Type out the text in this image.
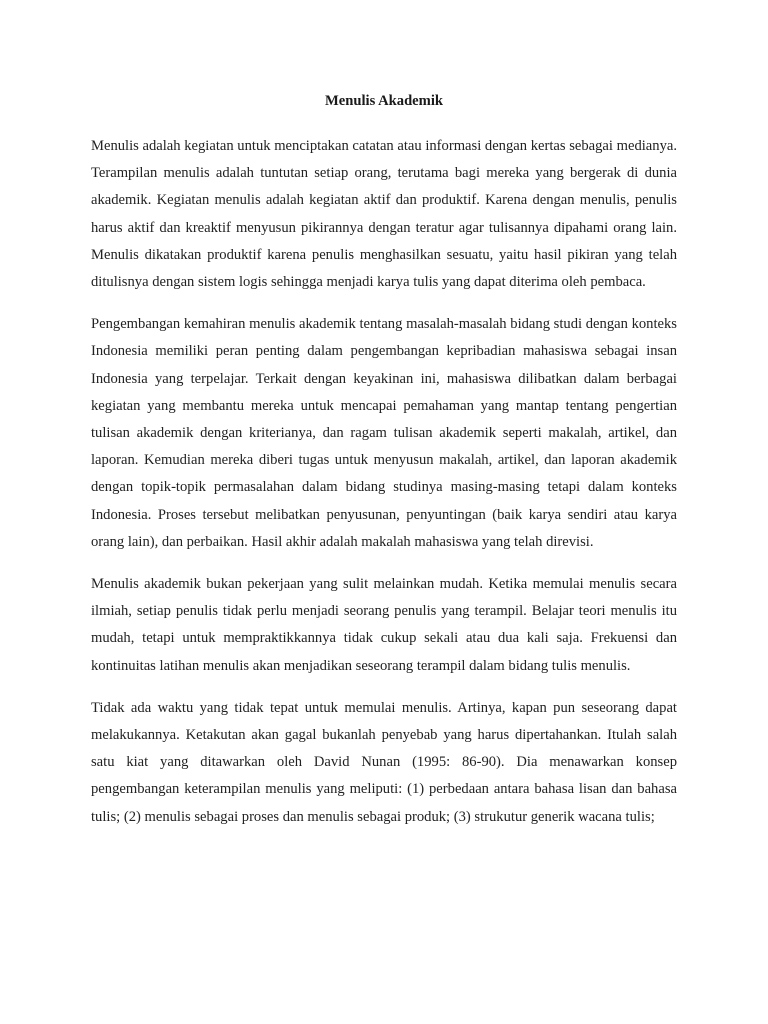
Menulis Akademik

Menulis adalah kegiatan untuk menciptakan catatan atau informasi dengan kertas sebagai medianya. Terampilan menulis adalah tuntutan setiap orang, terutama bagi mereka yang bergerak di dunia akademik. Kegiatan menulis adalah kegiatan aktif dan produktif. Karena dengan menulis, penulis harus aktif dan kreaktif menyusun pikirannya dengan teratur agar tulisannya dipahami orang lain. Menulis dikatakan produktif karena penulis menghasilkan sesuatu, yaitu hasil pikiran yang telah ditulisnya dengan sistem logis sehingga menjadi karya tulis yang dapat diterima oleh pembaca.

Pengembangan kemahiran menulis akademik tentang masalah-masalah bidang studi dengan konteks Indonesia memiliki peran penting dalam pengembangan kepribadian mahasiswa sebagai insan Indonesia yang terpelajar. Terkait dengan keyakinan ini, mahasiswa dilibatkan dalam berbagai kegiatan yang membantu mereka untuk mencapai pemahaman yang mantap tentang pengertian tulisan akademik dengan kriterianya, dan ragam tulisan akademik seperti makalah, artikel, dan laporan. Kemudian mereka diberi tugas untuk menyusun makalah, artikel, dan laporan akademik dengan topik-topik permasalahan dalam bidang studinya masing-masing tetapi dalam konteks Indonesia. Proses tersebut melibatkan penyusunan, penyuntingan (baik karya sendiri atau karya orang lain), dan perbaikan. Hasil akhir adalah makalah mahasiswa yang telah direvisi.

Menulis akademik bukan pekerjaan yang sulit melainkan mudah. Ketika memulai menulis secara ilmiah, setiap penulis tidak perlu menjadi seorang penulis yang terampil. Belajar teori menulis itu mudah, tetapi untuk mempraktikkannya tidak cukup sekali atau dua kali saja. Frekuensi dan kontinuitas latihan menulis akan menjadikan seseorang terampil dalam bidang tulis menulis.

Tidak ada waktu yang tidak tepat untuk memulai menulis. Artinya, kapan pun seseorang dapat melakukannya. Ketakutan akan gagal bukanlah penyebab yang harus dipertahankan. Itulah salah satu kiat yang ditawarkan oleh David Nunan (1995: 86-90). Dia menawarkan konsep pengembangan keterampilan menulis yang meliputi: (1) perbedaan antara bahasa lisan dan bahasa tulis; (2) menulis sebagai proses dan menulis sebagai produk; (3) strukutur generik wacana tulis;
